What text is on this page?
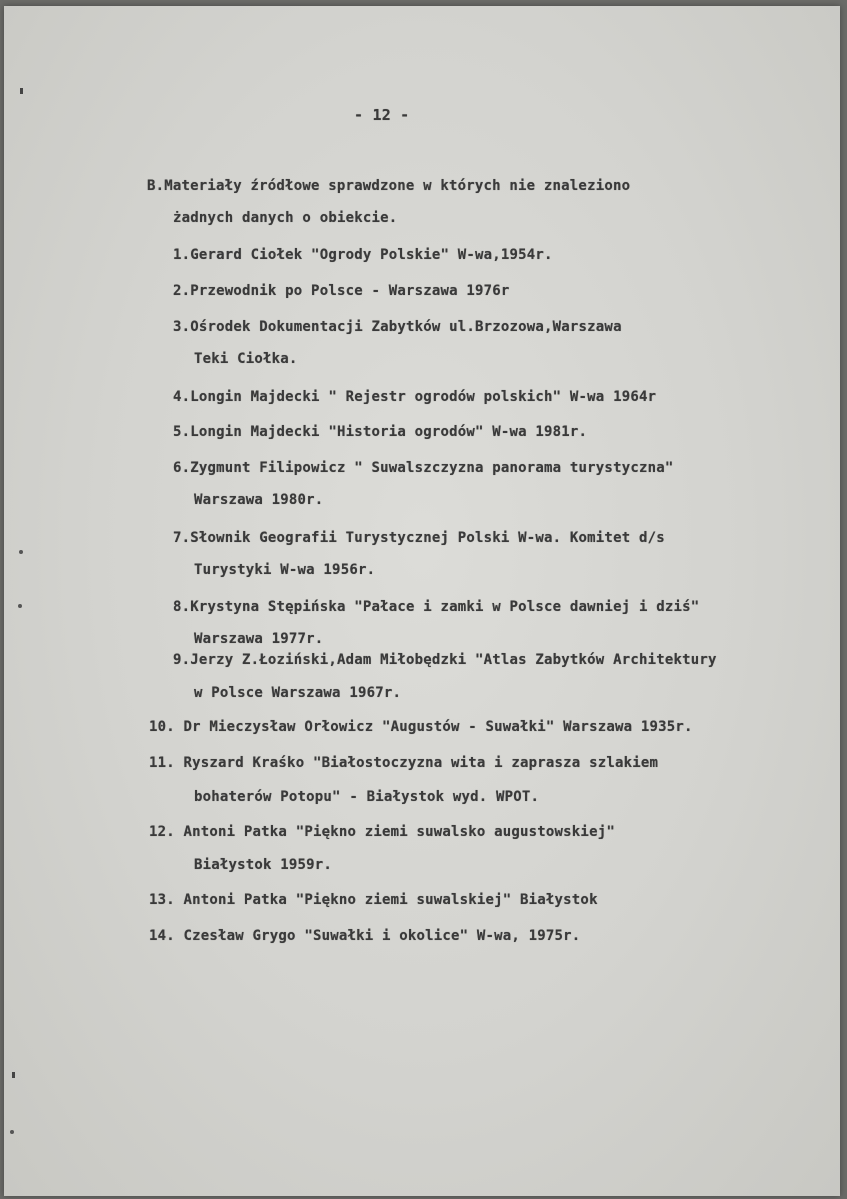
- 12 -
B.Materiały źródłowe sprawdzone w których nie znaleziono
żadnych danych o obiekcie.
1.Gerard Ciołek "Ogrody Polskie" W-wa,1954r.
2.Przewodnik po Polsce - Warszawa 1976r
3.Ośrodek Dokumentacji Zabytków ul.Brzozowa,Warszawa
Teki Ciołka.
4.Longin Majdecki " Rejestr ogrodów polskich" W-wa 1964r
5.Longin Majdecki "Historia ogrodów" W-wa 1981r.
6.Zygmunt Filipowicz " Suwalszczyzna panorama turystyczna"
Warszawa 1980r.
7.Słownik Geografii Turystycznej Polski W-wa. Komitet d/s
Turystyki W-wa 1956r.
8.Krystyna Stępińska "Pałace i zamki w Polsce dawniej i dziś"
Warszawa 1977r.
9.Jerzy Z.Łoziński,Adam Miłobędzki "Atlas Zabytków Architektury
w Polsce Warszawa 1967r.
10. Dr Mieczysław Orłowicz "Augustów - Suwałki" Warszawa 1935r.
11. Ryszard Kraśko "Białostoczyzna wita i zaprasza szlakiem
bohaterów Potopu" - Białystok wyd. WPOT.
12. Antoni Patka "Piękno ziemi suwalsko augustowskiej"
Białystok 1959r.
13. Antoni Patka "Piękno ziemi suwalskiej" Białystok
14. Czesław Grygo "Suwałki i okolice" W-wa, 1975r.
